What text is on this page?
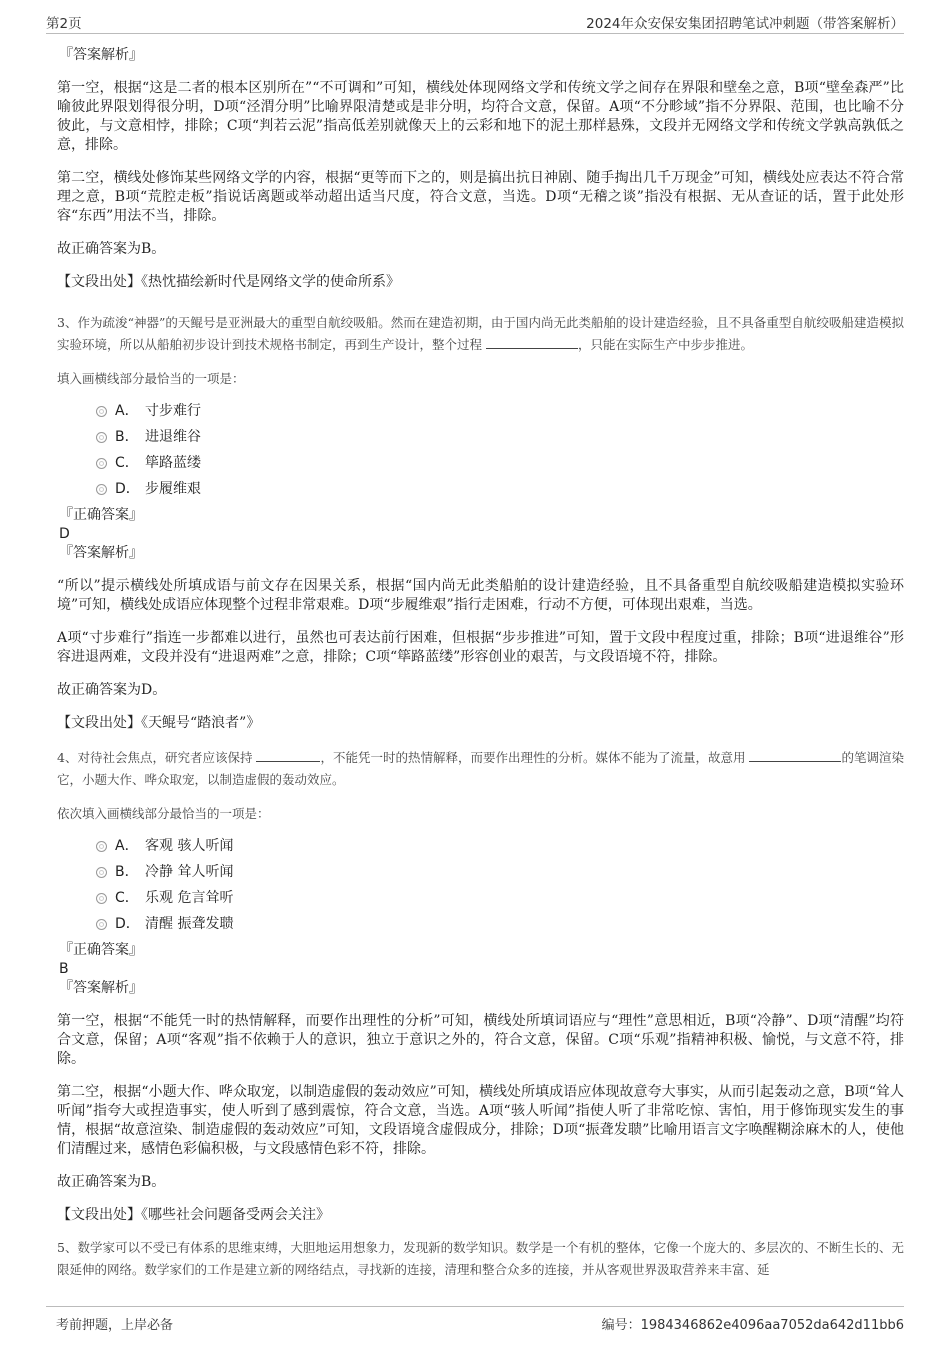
第2页	2024年众安保安集团招聘笔试冲刺题（带答案解析）

『答案解析』

第一空，根据“这是二者的根本区别所在”“不可调和”可知，横线处体现网络文学和传统文学之间存在界限和壁垒之意，B项“壁垒森严”比喻彼此界限划得很分明，D项“泾渭分明”比喻界限清楚或是非分明，均符合文意，保留。A项“不分畛域”指不分界限、范围，也比喻不分彼此，与文意相悖，排除；C项“判若云泥”指高低差别就像天上的云彩和地下的泥土那样悬殊，文段并无网络文学和传统文学孰高孰低之意，排除。

第二空，横线处修饰某些网络文学的内容，根据“更等而下之的，则是搞出抗日神剧、随手掏出几千万现金”可知，横线处应表达不符合常理之意，B项“荒腔走板”指说话离题或举动超出适当尺度，符合文意，当选。D项“无稽之谈”指没有根据、无从查证的话，置于此处形容“东西”用法不当，排除。

故正确答案为B。

【文段出处】《热忱描绘新时代是网络文学的使命所系》

3、作为疏浚“神器”的天鲲号是亚洲最大的重型自航绞吸船。然而在建造初期，由于国内尚无此类船舶的设计建造经验，且不具备重型自航绞吸船建造模拟实验环境，所以从船舶初步设计到技术规格书制定，再到生产设计，整个过程	，只能在实际生产中步步推进。

填入画横线部分最恰当的一项是：

A． 寸步难行
B． 进退维谷
C． 筚路蓝缕
D． 步履维艰

『正确答案』

D

『答案解析』

“所以”提示横线处所填成语与前文存在因果关系，根据“国内尚无此类船舶的设计建造经验，且不具备重型自航绞吸船建造模拟实验环境”可知，横线处成语应体现整个过程非常艰难。D项“步履维艰”指行走困难，行动不方便，可体现出艰难，当选。

A项“寸步难行”指连一步都难以进行，虽然也可表达前行困难，但根据“步步推进”可知，置于文段中程度过重，排除；B项“进退维谷”形容进退两难，文段并没有“进退两难”之意，排除；C项“筚路蓝缕”形容创业的艰苦，与文段语境不符，排除。

故正确答案为D。

【文段出处】《天鲲号“踏浪者”》

4、对待社会焦点，研究者应该保持	，不能凭一时的热情解释，而要作出理性的分析。媒体不能为了流量，故意用	的笔调渲染它，小题大作、哗众取宠，以制造虚假的轰动效应。

依次填入画横线部分最恰当的一项是：

A． 客观 骇人听闻
B． 冷静 耸人听闻
C． 乐观 危言耸听
D． 清醒 振聋发聩

『正确答案』

B

『答案解析』

第一空，根据“不能凭一时的热情解释，而要作出理性的分析”可知，横线处所填词语应与“理性”意思相近，B项“冷静”、D项“清醒”均符合文意，保留；A项“客观”指不依赖于人的意识，独立于意识之外的，符合文意，保留。C项“乐观”指精神积极、愉悦，与文意不符，排除。

第二空，根据“小题大作、哗众取宠，以制造虚假的轰动效应”可知，横线处所填成语应体现故意夸大事实，从而引起轰动之意，B项“耸人听闻”指夸大或捏造事实，使人听到了感到震惊，符合文意，当选。A项“骇人听闻”指使人听了非常吃惊、害怕，用于修饰现实发生的事情，根据“故意渲染、制造虚假的轰动效应”可知，文段语境含虚假成分，排除；D项“振聋发聩”比喻用语言文字唤醒糊涂麻木的人，使他们清醒过来，感情色彩偏积极，与文段感情色彩不符，排除。

故正确答案为B。

【文段出处】《哪些社会问题备受两会关注》

5、数学家可以不受已有体系的思维束缚，大胆地运用想象力，发现新的数学知识。数学是一个有机的整体，它像一个庞大的、多层次的、不断生长的、无限延伸的网络。数学家们的工作是建立新的网络结点，寻找新的连接，清理和整合众多的连接，并从客观世界汲取营养来丰富、延

考前押题，上岸必备	编号：1984346862e4096aa7052da642d11bb6
